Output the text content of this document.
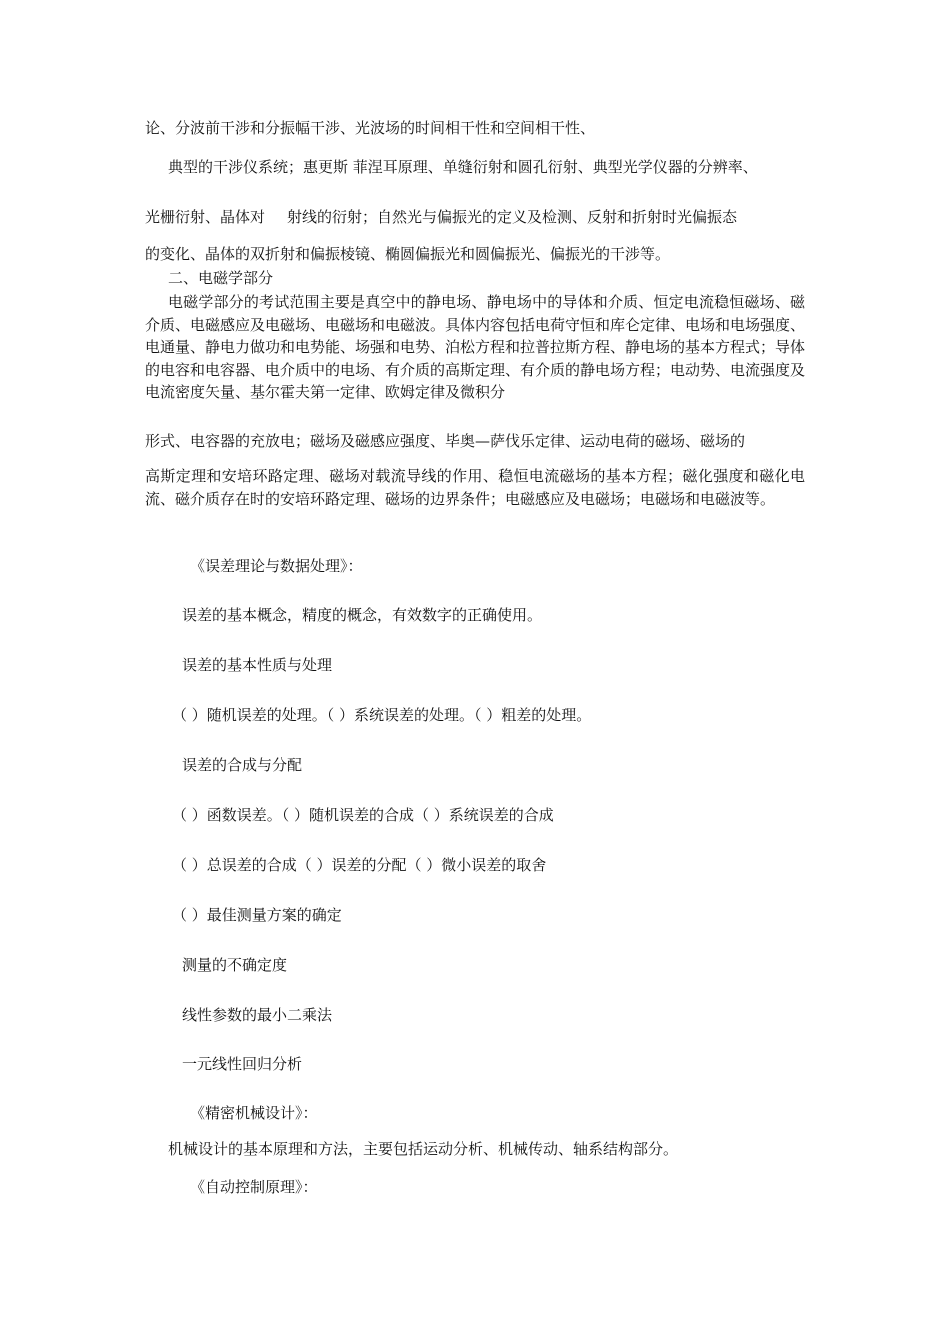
论、分波前干涉和分振幅干涉、光波场的时间相干性和空间相干性、
典型的干涉仪系统；惠更斯 菲涅耳原理、单缝衍射和圆孔衍射、典型光学仪器的分辨率、
光栅衍射、晶体对 射线的衍射；自然光与偏振光的定义及检测、反射和折射时光偏振态
的变化、晶体的双折射和偏振棱镜、椭圆偏振光和圆偏振光、偏振光的干涉等。
二、电磁学部分
电磁学部分的考试范围主要是真空中的静电场、静电场中的导体和介质、恒定电流稳恒磁场、磁介质、电磁感应及电磁场、电磁场和电磁波。具体内容包括电荷守恒和库仑定律、电场和电场强度、电通量、静电力做功和电势能、场强和电势、泊松方程和拉普拉斯方程、静电场的基本方程式；导体的电容和电容器、电介质中的电场、有介质的高斯定理、有介质的静电场方程；电动势、电流强度及电流密度矢量、基尔霍夫第一定律、欧姆定律及微积分
形式、电容器的充放电；磁场及磁感应强度、毕奥—萨伐乐定律、运动电荷的磁场、磁场的
高斯定理和安培环路定理、磁场对载流导线的作用、稳恒电流磁场的基本方程；磁化强度和磁化电流、磁介质存在时的安培环路定理、磁场的边界条件；电磁感应及电磁场；电磁场和电磁波等。
《误差理论与数据处理》：
误差的基本概念，精度的概念，有效数字的正确使用。
误差的基本性质与处理
（ ）随机误差的处理。（ ）系统误差的处理。（ ）粗差的处理。
误差的合成与分配
（ ）函数误差。（ ）随机误差的合成（ ）系统误差的合成
（ ）总误差的合成（ ）误差的分配（ ）微小误差的取舍
（ ）最佳测量方案的确定
测量的不确定度
线性参数的最小二乘法
一元线性回归分析
《精密机械设计》：
机械设计的基本原理和方法，主要包括运动分析、机械传动、轴系结构部分。
《自动控制原理》：
